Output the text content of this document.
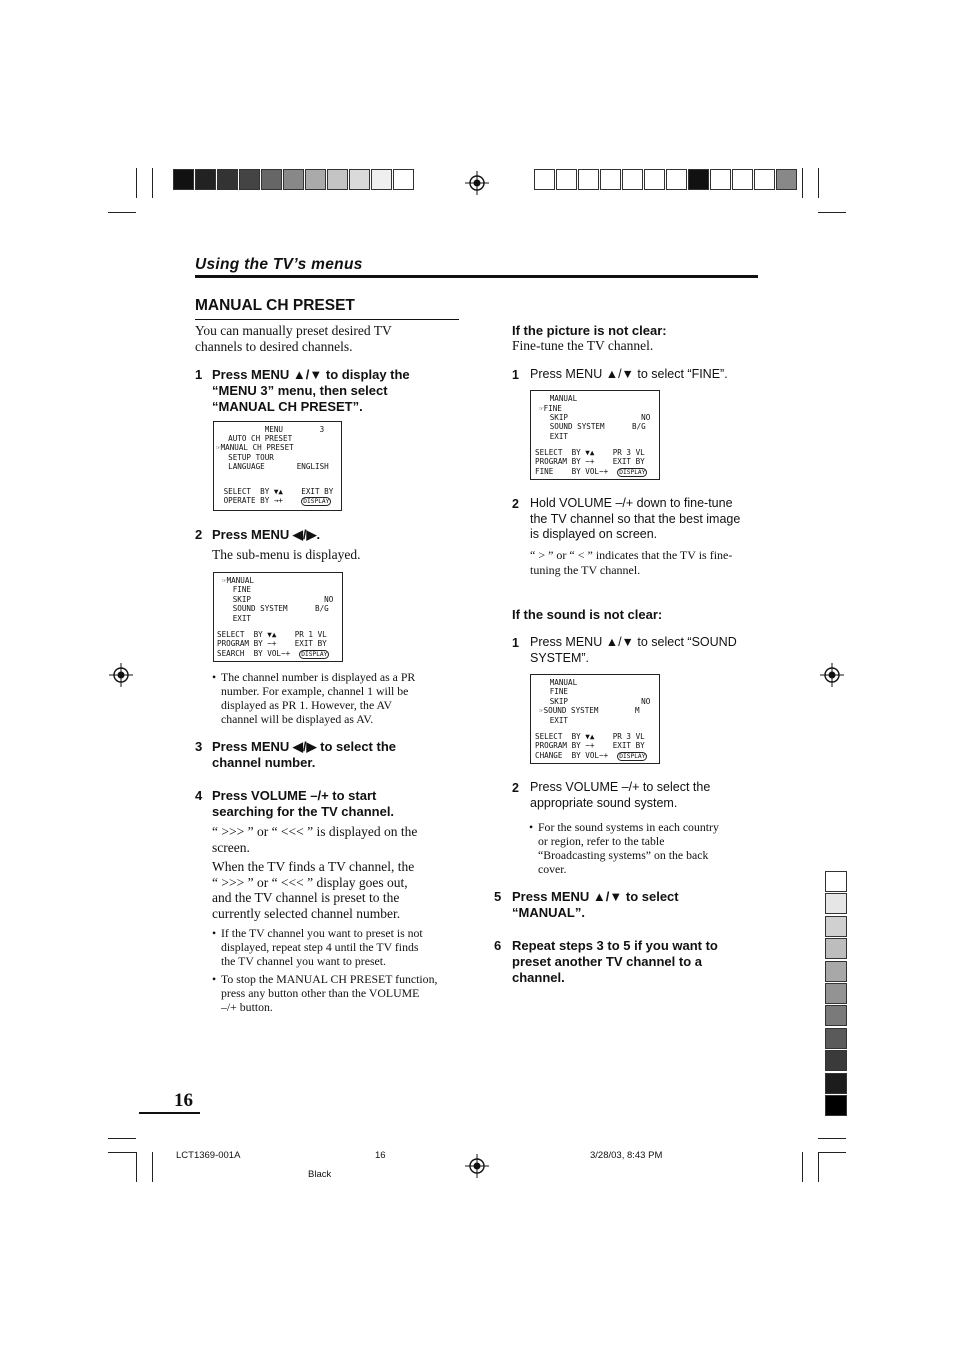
Using the TV’s menus
MANUAL CH PRESET
You can manually preset desired TV
channels to desired channels.
1 Press MENU ▲/▼ to display the
“MENU 3” menu, then select
“MANUAL CH PRESET”.
MENU        3
AUTO CH PRESET
☞MANUAL CH PRESET
SETUP TOUR
LANGUAGE       ENGLISH
SELECT  BY ▼▲    EXIT BY
OPERATE BY →+    DISPLAY
2 Press MENU ◀/▶.
The sub-menu is displayed.
☞MANUAL
FINE
SKIP                NO
SOUND SYSTEM      B/G
EXIT
SELECT  BY ▼▲    PR 1 VL
PROGRAM BY −+    EXIT BY
SEARCH  BY VOL−+  DISPLAY
• The channel number is displayed as a PR
number. For example, channel 1 will be
displayed as PR 1. However, the AV
channel will be displayed as AV.
3 Press MENU ◀/▶ to select the
channel number.
4 Press VOLUME –/+ to start
searching for the TV channel.
“ >>> ” or “ <<< ” is displayed on the
screen.
When the TV finds a TV channel, the
“ >>> ” or “ <<< ” display goes out,
and the TV channel is preset to the
currently selected channel number.
• If the TV channel you want to preset is not
displayed, repeat step 4 until the TV finds
the TV channel you want to preset.
• To stop the MANUAL CH PRESET function,
press any button other than the VOLUME
–/+ button.
If the picture is not clear:
Fine-tune the TV channel.
1 Press MENU ▲/▼ to select “FINE”.
MANUAL
☞FINE
SKIP                NO
SOUND SYSTEM      B/G
EXIT
SELECT  BY ▼▲    PR 3 VL
PROGRAM BY −+    EXIT BY
FINE    BY VOL−+  DISPLAY
2 Hold VOLUME –/+ down to fine-tune
the TV channel so that the best image
is displayed on screen.
“ > ” or “ < ” indicates that the TV is fine-
tuning the TV channel.
If the sound is not clear:
1 Press MENU ▲/▼ to select “SOUND
SYSTEM”.
MANUAL
FINE
SKIP                NO
☞SOUND SYSTEM        M
EXIT
SELECT  BY ▼▲    PR 3 VL
PROGRAM BY −+    EXIT BY
CHANGE  BY VOL−+  DISPLAY
2 Press VOLUME –/+ to select the
appropriate sound system.
• For the sound systems in each country
or region, refer to the table
“Broadcasting systems” on the back
cover.
5 Press MENU ▲/▼ to select
“MANUAL”.
6 Repeat steps 3 to 5 if you want to
preset another TV channel to a
channel.
16
LCT1369-001A	16	3/28/03, 8:43 PM
Black
